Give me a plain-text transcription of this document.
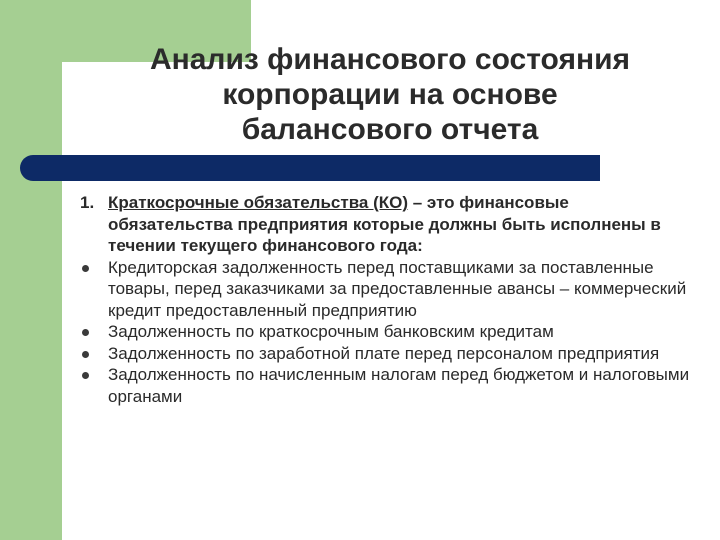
Анализ финансового состояния
корпорации на основе
балансового отчета
1. Краткосрочные обязательства (КО) – это финансовые обязательства предприятия которые должны быть исполнены в течении текущего финансового года:
Кредиторская задолженность перед поставщиками за поставленные товары, перед заказчиками за предоставленные авансы – коммерческий кредит предоставленный предприятию
Задолженность по краткосрочным банковским кредитам
Задолженность по заработной плате перед персоналом предприятия
Задолженность по начисленным налогам перед бюджетом и налоговыми органами
